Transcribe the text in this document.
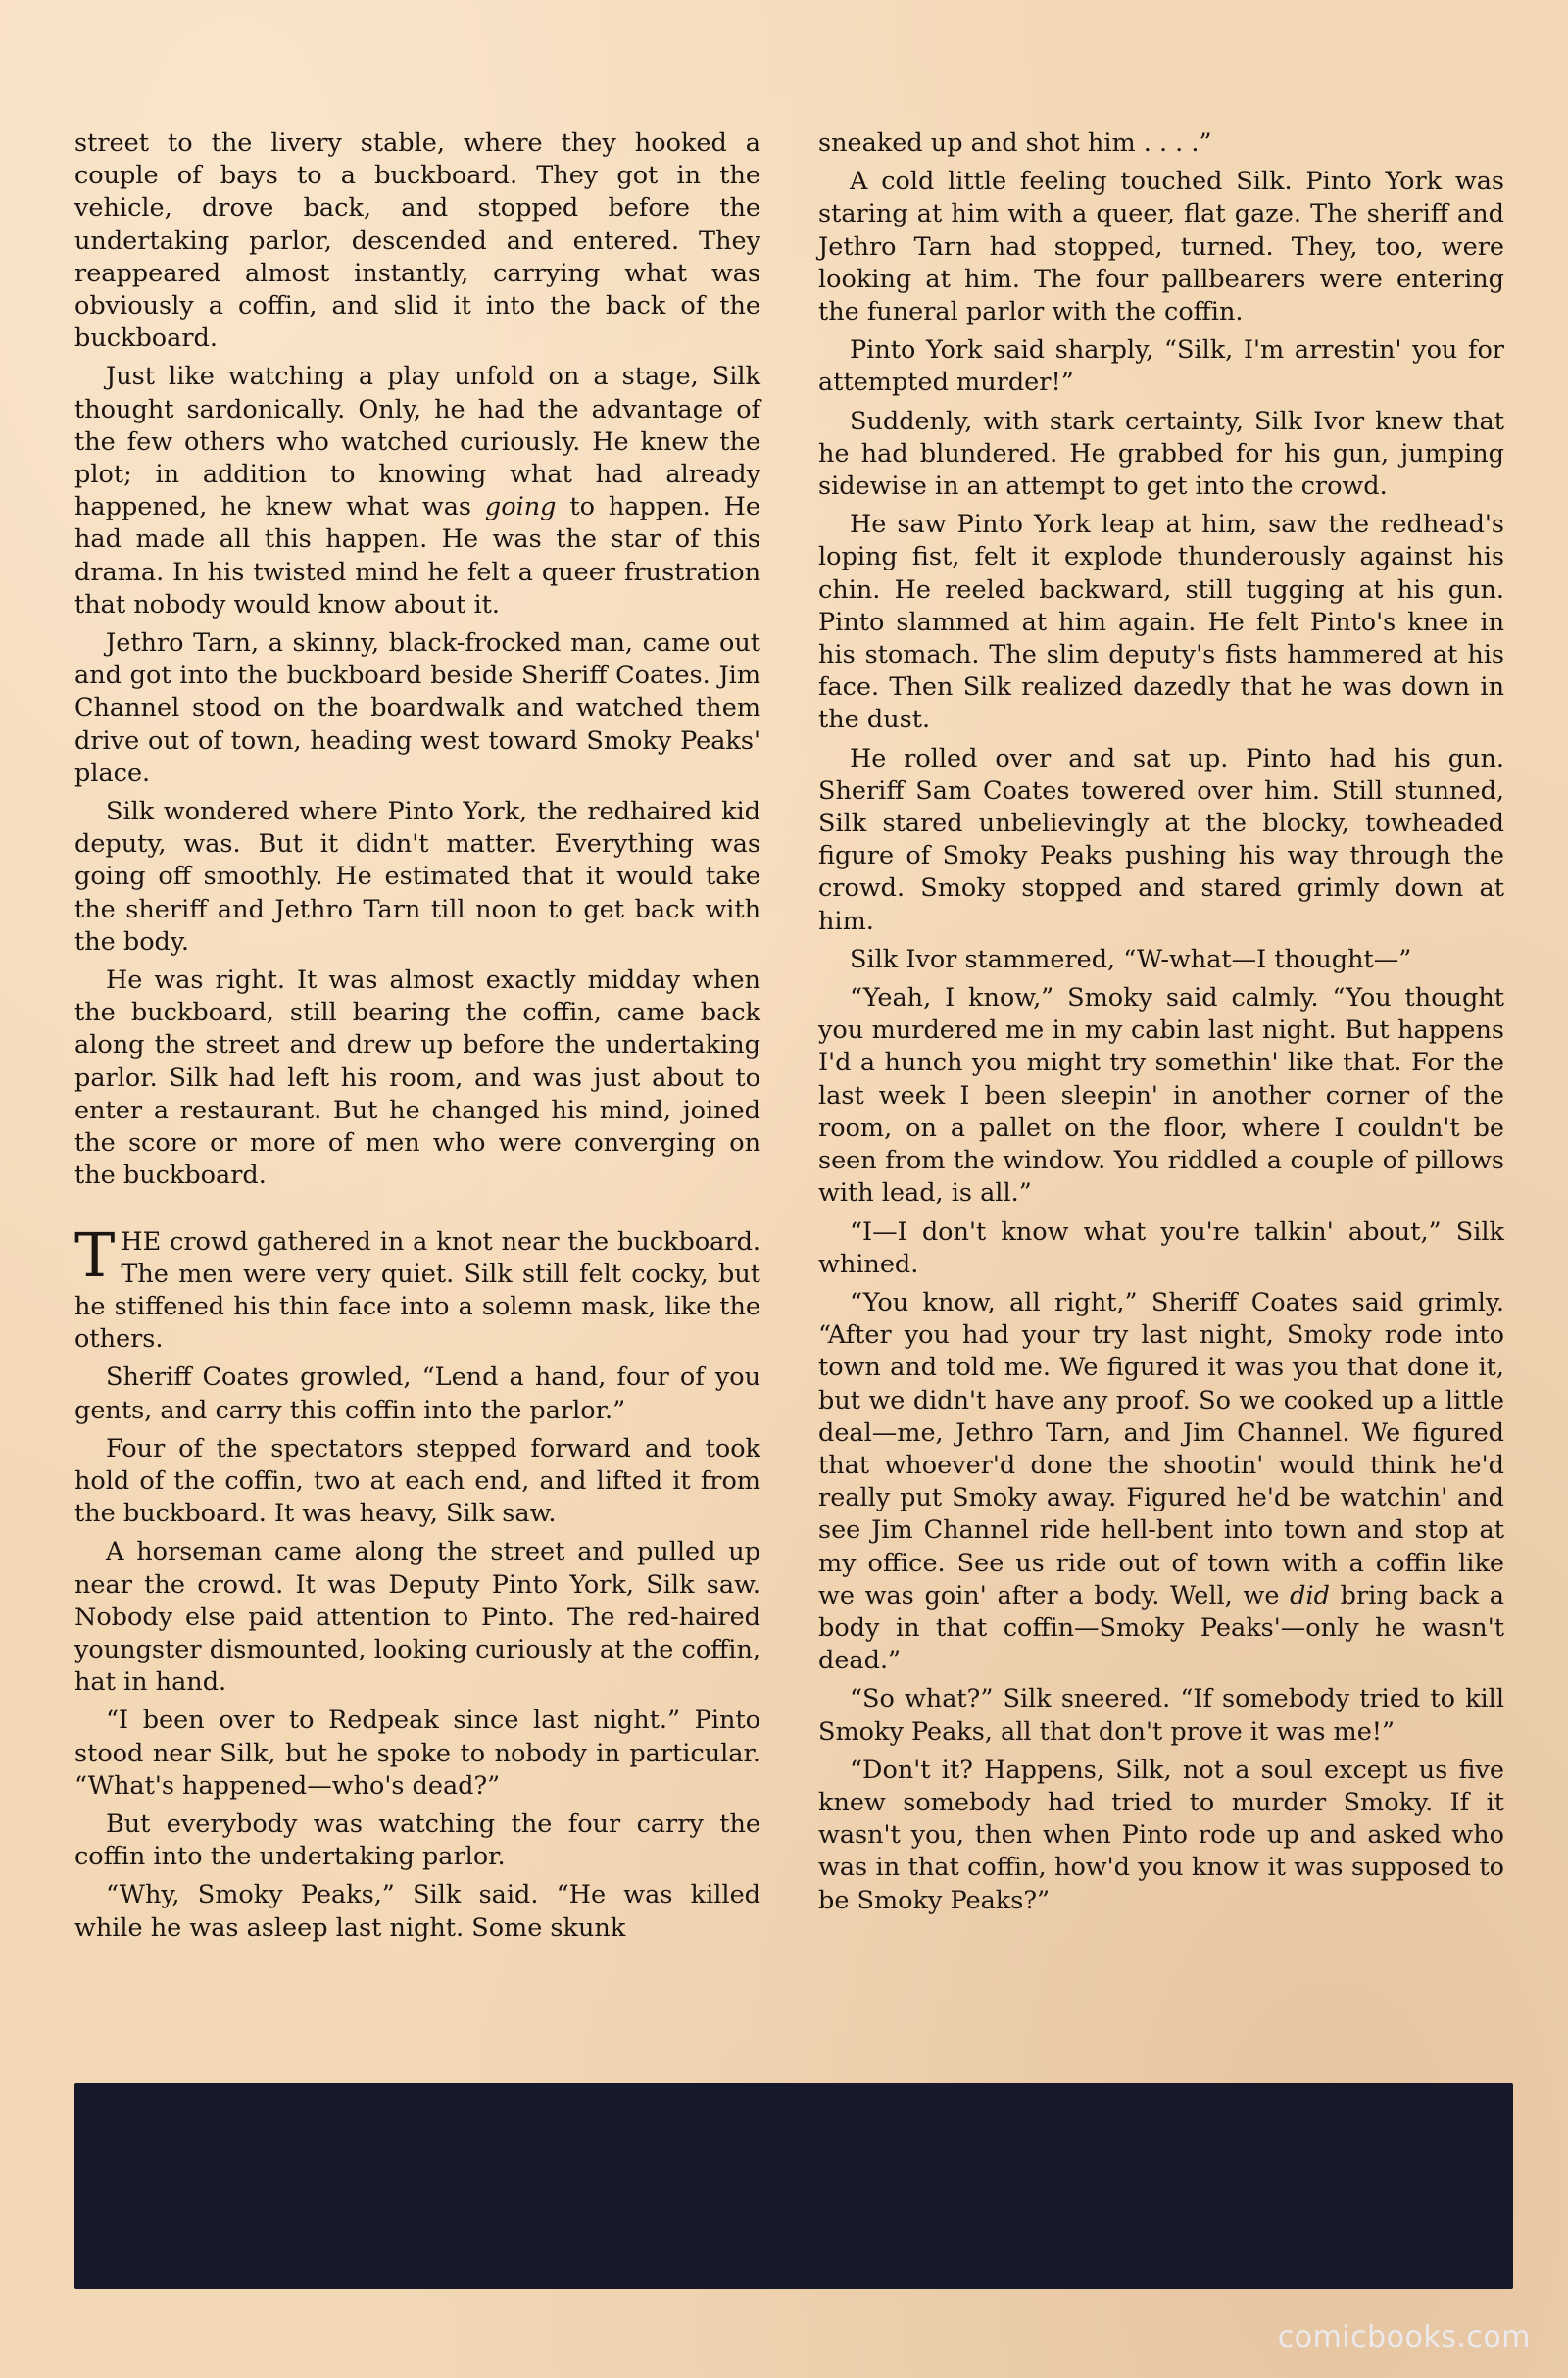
street to the livery stable, where they hooked a couple of bays to a buckboard. They got in the vehicle, drove back, and stopped before the undertaking parlor, descended and entered. They reappeared almost instantly, carrying what was obviously a coffin, and slid it into the back of the buckboard.

Just like watching a play unfold on a stage, Silk thought sardonically. Only, he had the advantage of the few others who watched curiously. He knew the plot; in addition to knowing what had already happened, he knew what was going to happen. He had made all this happen. He was the star of this drama. In his twisted mind he felt a queer frustration that nobody would know about it.

Jethro Tarn, a skinny, black-frocked man, came out and got into the buckboard beside Sheriff Coates. Jim Channel stood on the boardwalk and watched them drive out of town, heading west toward Smoky Peaks' place.

Silk wondered where Pinto York, the redhaired kid deputy, was. But it didn't matter. Everything was going off smoothly. He estimated that it would take the sheriff and Jethro Tarn till noon to get back with the body.

He was right. It was almost exactly midday when the buckboard, still bearing the coffin, came back along the street and drew up before the undertaking parlor. Silk had left his room, and was just about to enter a restaurant. But he changed his mind, joined the score or more of men who were converging on the buckboard.

THE crowd gathered in a knot near the buckboard. The men were very quiet. Silk still felt cocky, but he stiffened his thin face into a solemn mask, like the others.

Sheriff Coates growled, “Lend a hand, four of you gents, and carry this coffin into the parlor.”

Four of the spectators stepped forward and took hold of the coffin, two at each end, and lifted it from the buckboard. It was heavy, Silk saw.

A horseman came along the street and pulled up near the crowd. It was Deputy Pinto York, Silk saw. Nobody else paid attention to Pinto. The red-haired youngster dismounted, looking curiously at the coffin, hat in hand.

“I been over to Redpeak since last night.” Pinto stood near Silk, but he spoke to nobody in particular. “What's happened—who's dead?”

But everybody was watching the four carry the coffin into the undertaking parlor.

“Why, Smoky Peaks,” Silk said. “He was killed while he was asleep last night. Some skunk

sneaked up and shot him . . . .”

A cold little feeling touched Silk. Pinto York was staring at him with a queer, flat gaze. The sheriff and Jethro Tarn had stopped, turned. They, too, were looking at him. The four pallbearers were entering the funeral parlor with the coffin.

Pinto York said sharply, “Silk, I'm arrestin' you for attempted murder!”

Suddenly, with stark certainty, Silk Ivor knew that he had blundered. He grabbed for his gun, jumping sidewise in an attempt to get into the crowd.

He saw Pinto York leap at him, saw the redhead's loping fist, felt it explode thunderously against his chin. He reeled backward, still tugging at his gun. Pinto slammed at him again. He felt Pinto's knee in his stomach. The slim deputy's fists hammered at his face. Then Silk realized dazedly that he was down in the dust.

He rolled over and sat up. Pinto had his gun. Sheriff Sam Coates towered over him. Still stunned, Silk stared unbelievingly at the blocky, towheaded figure of Smoky Peaks pushing his way through the crowd. Smoky stopped and stared grimly down at him.

Silk Ivor stammered, “W-what—I thought—”

“Yeah, I know,” Smoky said calmly. “You thought you murdered me in my cabin last night. But happens I'd a hunch you might try somethin' like that. For the last week I been sleepin' in another corner of the room, on a pallet on the floor, where I couldn't be seen from the window. You riddled a couple of pillows with lead, is all.”

“I—I don't know what you're talkin' about,” Silk whined.

“You know, all right,” Sheriff Coates said grimly. “After you had your try last night, Smoky rode into town and told me. We figured it was you that done it, but we didn't have any proof. So we cooked up a little deal—me, Jethro Tarn, and Jim Channel. We figured that whoever'd done the shootin' would think he'd really put Smoky away. Figured he'd be watchin' and see Jim Channel ride hell-bent into town and stop at my office. See us ride out of town with a coffin like we was goin' after a body. Well, we did bring back a body in that coffin—Smoky Peaks'—only he wasn't dead.”

“So what?” Silk sneered. “If somebody tried to kill Smoky Peaks, all that don't prove it was me!”

“Don't it? Happens, Silk, not a soul except us five knew somebody had tried to murder Smoky. If it wasn't you, then when Pinto rode up and asked who was in that coffin, how'd you know it was supposed to be Smoky Peaks?”

comicbooks.com
